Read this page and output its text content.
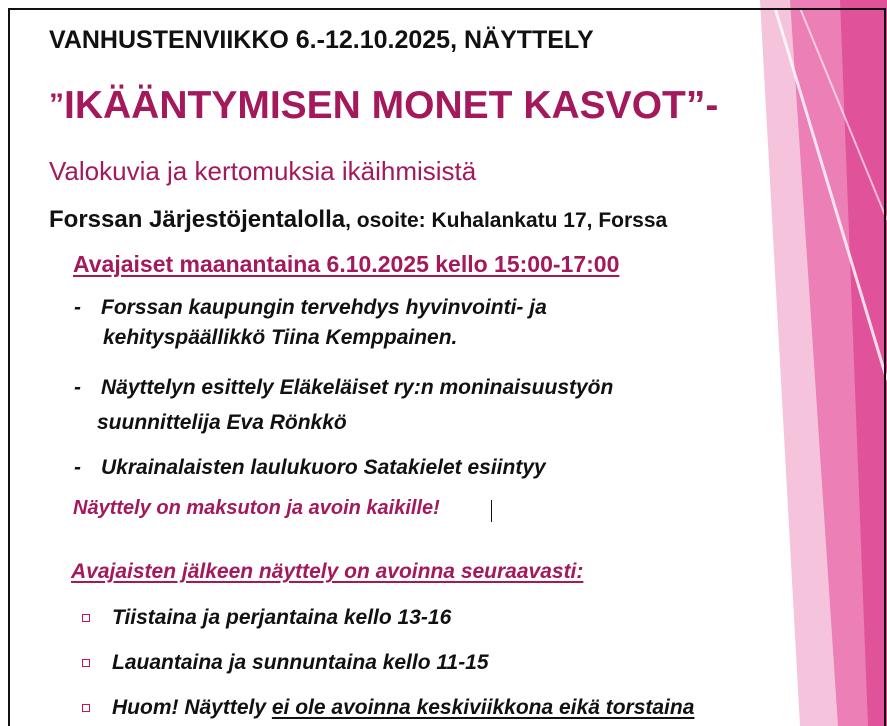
VANHUSTENVIIKKO 6.-12.10.2025, NÄYTTELY
”IKÄÄNTYMISEN MONET KASVOT”-
Valokuvia ja kertomuksia ikäihmisistä
Forssan Järjestöjentalolla, osoite: Kuhalankatu 17, Forssa
Avajaiset maanantaina 6.10.2025 kello 15:00-17:00
- Forssan kaupungin tervehdys hyvinvointi- ja
kehityspäällikkö Tiina Kemppainen.
- Näyttelyn esittely Eläkeläiset ry:n moninaisuustyön
suunnittelija Eva Rönkkö
- Ukrainalaisten laulukuoro Satakielet esiintyy
Näyttely on maksuton ja avoin kaikille!
Avajaisten jälkeen näyttely on avoinna seuraavasti:
Tiistaina ja perjantaina kello 13-16
Lauantaina ja sunnuntaina kello 11-15
Huom! Näyttely ei ole avoinna keskiviikkona eikä torstaina
